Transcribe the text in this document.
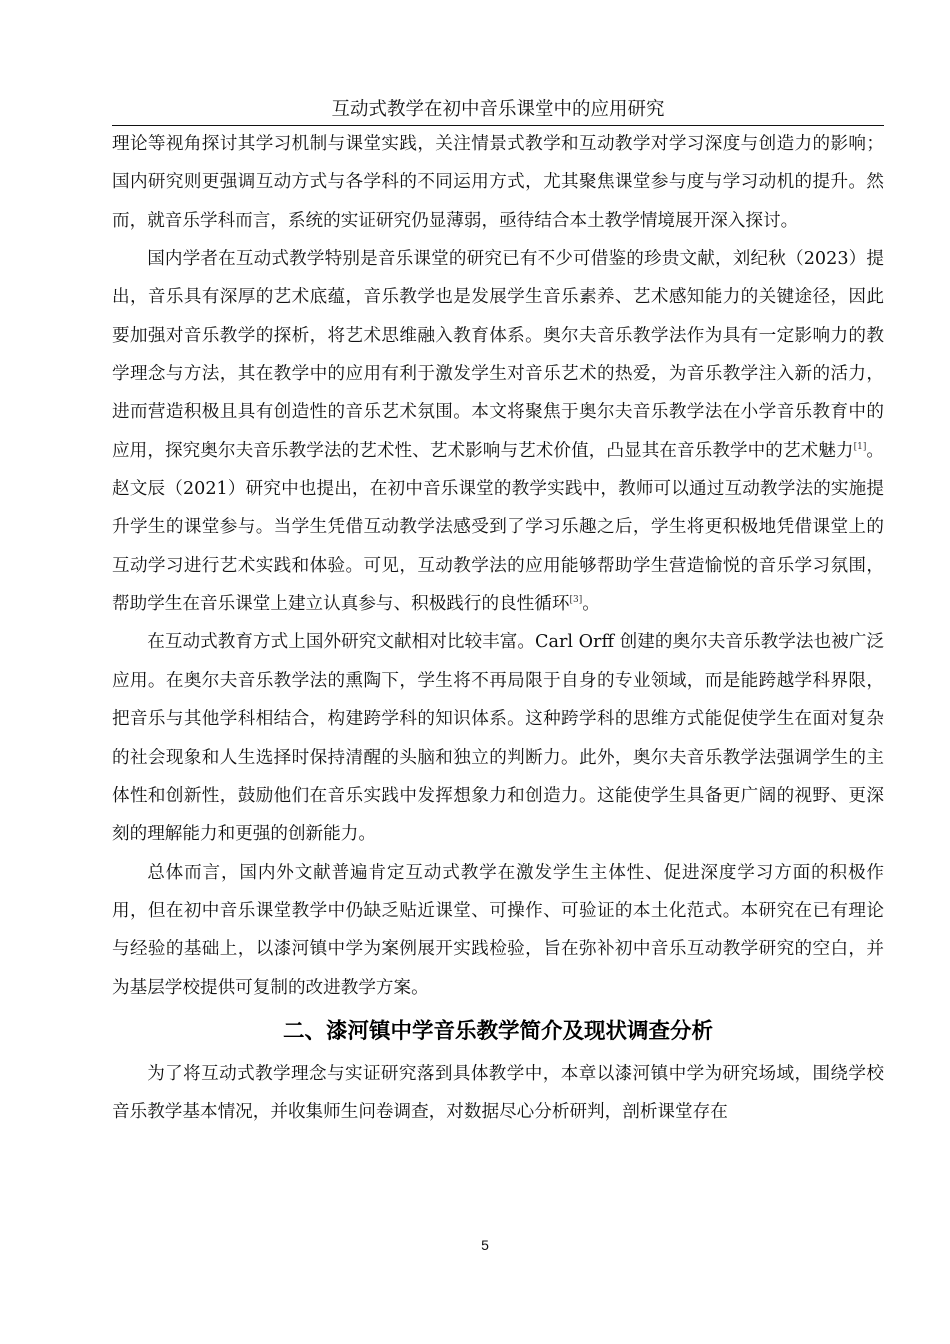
互动式教学在初中音乐课堂中的应用研究

理论等视角探讨其学习机制与课堂实践，关注情景式教学和互动教学对学习深度与创造力的影响；国内研究则更强调互动方式与各学科的不同运用方式，尤其聚焦课堂参与度与学习动机的提升。然而，就音乐学科而言，系统的实证研究仍显薄弱，亟待结合本土教学情境展开深入探讨。

国内学者在互动式教学特别是音乐课堂的研究已有不少可借鉴的珍贵文献，刘纪秋（2023）提出，音乐具有深厚的艺术底蕴，音乐教学也是发展学生音乐素养、艺术感知能力的关键途径，因此要加强对音乐教学的探析，将艺术思维融入教育体系。奥尔夫音乐教学法作为具有一定影响力的教学理念与方法，其在教学中的应用有利于激发学生对音乐艺术的热爱，为音乐教学注入新的活力，进而营造积极且具有创造性的音乐艺术氛围。本文将聚焦于奥尔夫音乐教学法在小学音乐教育中的应用，探究奥尔夫音乐教学法的艺术性、艺术影响与艺术价值，凸显其在音乐教学中的艺术魅力[1]。赵文辰（2021）研究中也提出，在初中音乐课堂的教学实践中，教师可以通过互动教学法的实施提升学生的课堂参与。当学生凭借互动教学法感受到了学习乐趣之后，学生将更积极地凭借课堂上的互动学习进行艺术实践和体验。可见，互动教学法的应用能够帮助学生营造愉悦的音乐学习氛围，帮助学生在音乐课堂上建立认真参与、积极践行的良性循环[3]。

在互动式教育方式上国外研究文献相对比较丰富。Carl Orff 创建的奥尔夫音乐教学法也被广泛应用。在奥尔夫音乐教学法的熏陶下，学生将不再局限于自身的专业领域，而是能跨越学科界限，把音乐与其他学科相结合，构建跨学科的知识体系。这种跨学科的思维方式能促使学生在面对复杂的社会现象和人生选择时保持清醒的头脑和独立的判断力。此外，奥尔夫音乐教学法强调学生的主体性和创新性，鼓励他们在音乐实践中发挥想象力和创造力。这能使学生具备更广阔的视野、更深刻的理解能力和更强的创新能力。

总体而言，国内外文献普遍肯定互动式教学在激发学生主体性、促进深度学习方面的积极作用，但在初中音乐课堂教学中仍缺乏贴近课堂、可操作、可验证的本土化范式。本研究在已有理论与经验的基础上，以漆河镇中学为案例展开实践检验，旨在弥补初中音乐互动教学研究的空白，并为基层学校提供可复制的改进教学方案。

二、漆河镇中学音乐教学简介及现状调查分析

为了将互动式教学理念与实证研究落到具体教学中，本章以漆河镇中学为研究场域，围绕学校音乐教学基本情况，并收集师生问卷调查，对数据尽心分析研判，剖析课堂存在

5
